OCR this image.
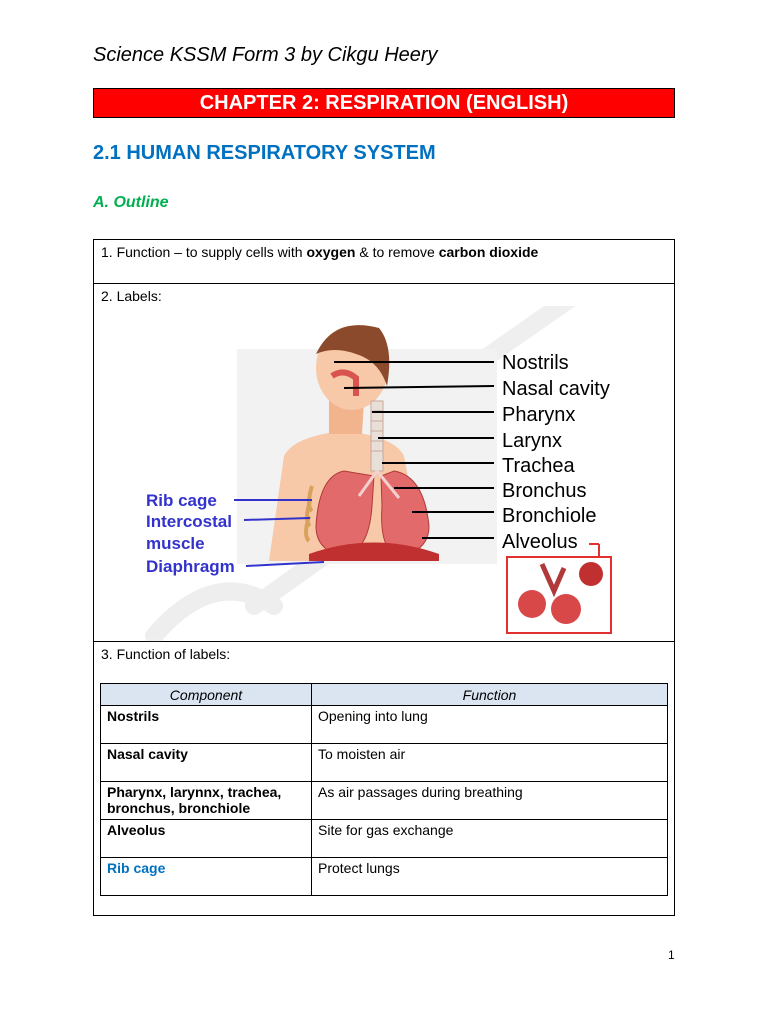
Science KSSM Form 3 by Cikgu Heery
CHAPTER 2: RESPIRATION (ENGLISH)
2.1 HUMAN RESPIRATORY SYSTEM
A. Outline
1. Function – to supply cells with oxygen & to remove carbon dioxide
2. Labels:
Nostrils
Nasal cavity
Pharynx
Larynx
Trachea
Bronchus
Bronchiole
Alveolus
Rib cage
Intercostal
muscle
Diaphragm
3. Function of labels:
Component	Function
Nostrils	Opening into lung
Nasal cavity	To moisten air
Pharynx, larynnx, trachea,
bronchus, bronchiole	As air passages during breathing
Alveolus	Site for gas exchange
Rib cage	Protect lungs
1
